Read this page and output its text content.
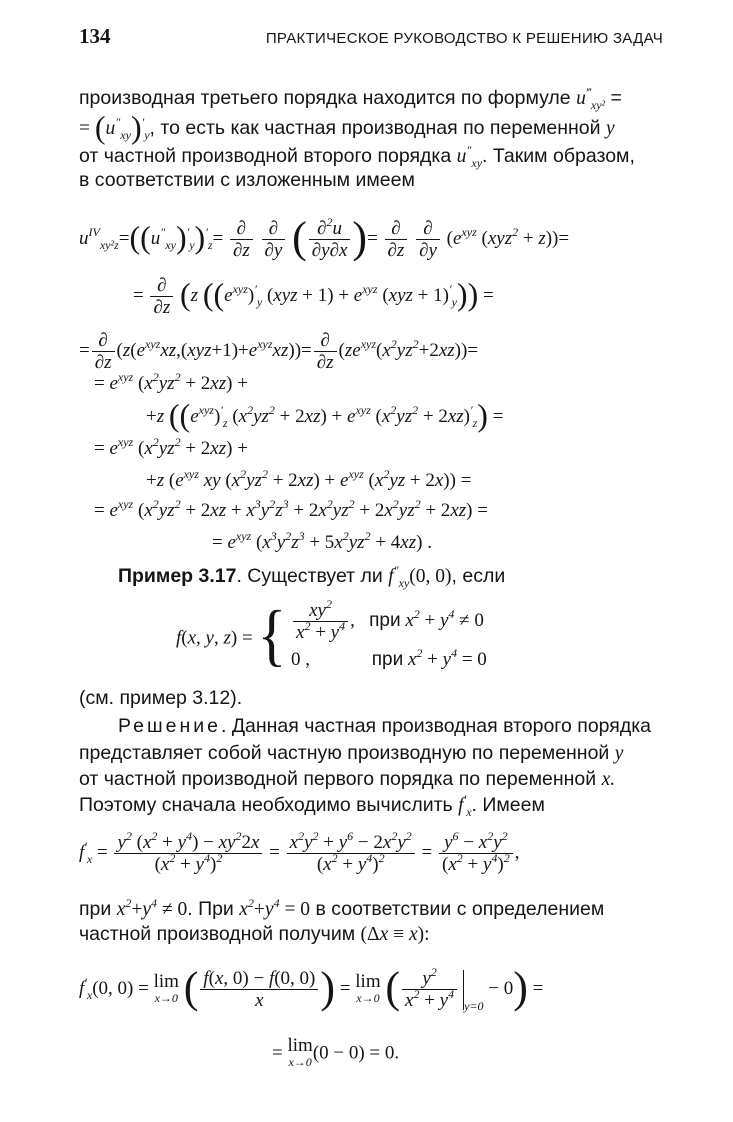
134	ПРАКТИЧЕСКОЕ РУКОВОДСТВО К РЕШЕНИЮ ЗАДАЧ
производная третьего порядка находится по формуле $u^‴_{xy^2}$ =
= $(u''_{xy})'_y$, то есть как частная производная по переменной y
от частной производной второго порядка $u''_{xy}$. Таким образом,
в соответствии с изложенным имеем
$u^{IV}_{xy^2z}=((u''_{xy})'_y)'_z= \frac{\partial}{\partial z}$
$\frac{\partial}{\partial y}$ ( $\frac{\partial^2u}{\partial y\partial x}$ )= $\frac{\partial}{\partial z}$
$\frac{\partial}{\partial y} (e^{xyz}$ (xyz$^2$ + z))=
= $\frac{\partial}{\partial z} (z$ ($(e^{xyz})'_y$ $(xyz + 1) + e^{xyz}$ $(xyz + 1)'_y$)) =
= $\frac{\partial}{\partial z} (z(e^{xyz}xz,(xyz+1)+e^{xyz}xz))= \frac{\partial}{\partial z} (ze^{xyz}(x^2yz^2+2xz))=$
= $e^{xyz}$ $(x^2yz^2 + 2xz)$ +
+z ($(e^{xyz})'_z$ $(x^2yz^2 + 2xz) + e^{xyz}$ $(x^2yz^2 + 2xz)'_z$) =
= $e^{xyz}$ $(x^2yz^2 + 2xz)$ +
+z ($e^{xyz}$ xy $(x^2yz^2 + 2xz) + e^{xyz}$ $(x^2yz + 2x)$) =
= $e^{xyz}$ $(x^2yz^2 + 2xz + x^3y^2z^3 + 2x^2yz^2 + 2x^2yz^2 + 2xz)$ =
= $e^{xyz}$ $(x^3y^2z^3 + 5x^2yz^2 + 4xz)$ .
Пример 3.17. Существует ли $f''_{xy}(0$, 0), если
f(x, y, z) = { $\frac{xy^2}{x^2 + y^4}$ ,   при $x^2 + y^4 \ne 0$
0 ,             при $x^2 + y^4 = 0$
(см. пример 3.12).
Решение. Данная частная производная второго порядка
представляет собой частную производную по переменной y
от частной производной первого порядка по переменной x.
Поэтому сначала необходимо вычислить $f'_x$. Имеем
$f'_x = \frac{y^2 (x^2 + y^4) - xy^22x}{(x^2 + y^4)^2} = \frac{x^2y^2 + y^6 - 2x^2y^2}{(x^2 + y^4)^2} = \frac{y^6 - x^2y^2}{(x^2 + y^4)^2}$ ,
при $x^2+y^4 \ne 0$. При $x^2+y^4 = 0$ в соответствии с определением
частной производной получим (Δx ≡ x):
$f'_x(0$, 0) = lim
x→0 ( $\frac{f(x, 0) - f(0, 0)}{x}$ ) = lim
x→0 ( $\frac{y^2}{x^2 + y^4} _{y=0} - 0$) =
= lim
x→0 (0 − 0) = 0.
